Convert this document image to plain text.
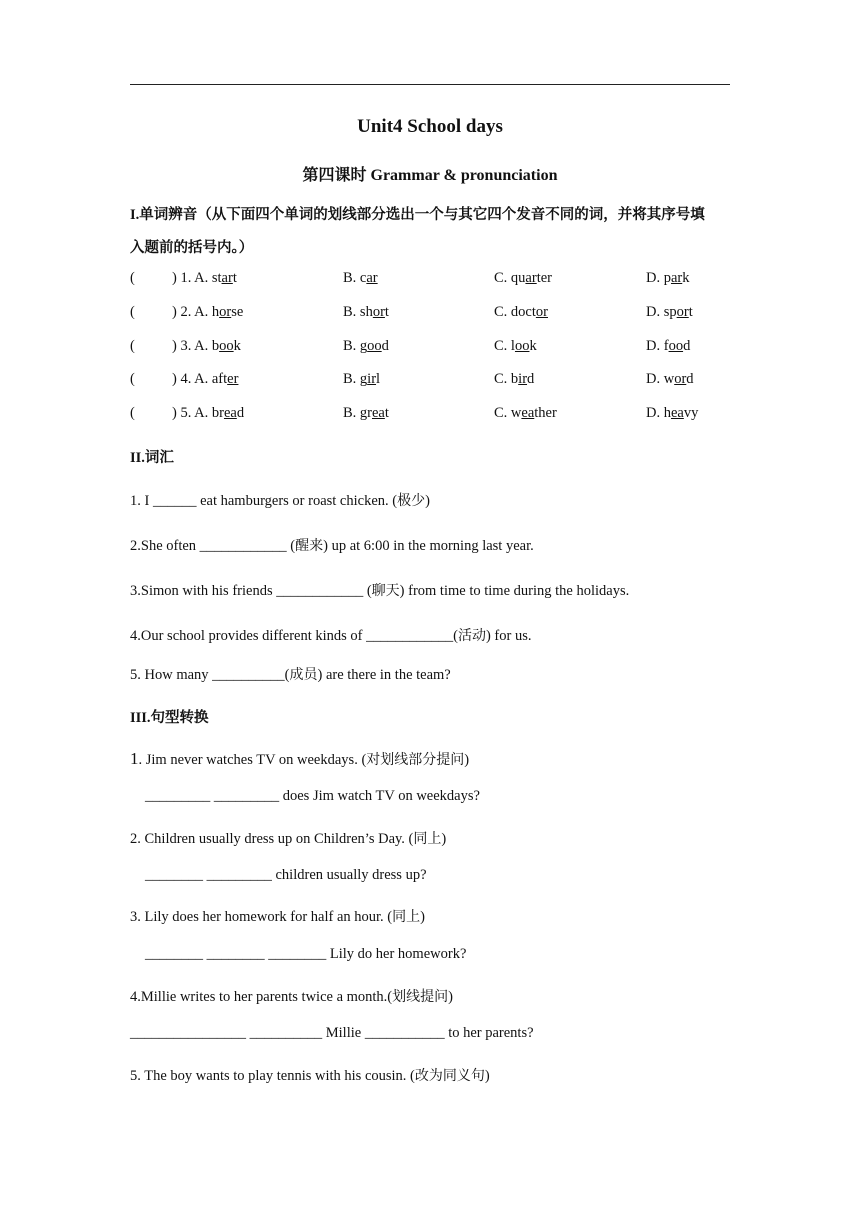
Unit4 School days
第四课时 Grammar & pronunciation
I.单词辨音（从下面四个单词的划线部分选出一个与其它四个发音不同的词，并将其序号填
入题前的括号内。）
(	) 1. A. start	B. car	C. quarter	D. park
(	) 2. A. horse	B. short	C. doctor	D. sport
(	) 3. A. book	B. good	C. look	D. food
(	) 4. A. after	B. girl	C. bird	D. word
(	) 5. A. bread	B. great	C. weather	D. heavy
II.词汇
1. I ______ eat hamburgers or roast chicken. (极少)
2.She often ____________ (醒来) up at 6:00 in the morning last year.
3.Simon with his friends ____________ (聊天) from time to time during the holidays.
4.Our school provides different kinds of ____________(活动) for us.
5. How many __________(成员) are there in the team?
III.句型转换
1. Jim never watches TV on weekdays. (对划线部分提问)
_________ _________ does Jim watch TV on weekdays?
2. Children usually dress up on Children’s Day. (同上)
________ _________ children usually dress up?
3. Lily does her homework for half an hour. (同上)
________ ________ ________ Lily do her homework?
4.Millie writes to her parents twice a month.(划线提问)
________________ __________ Millie ___________ to her parents?
5. The boy wants to play tennis with his cousin. (改为同义句)
